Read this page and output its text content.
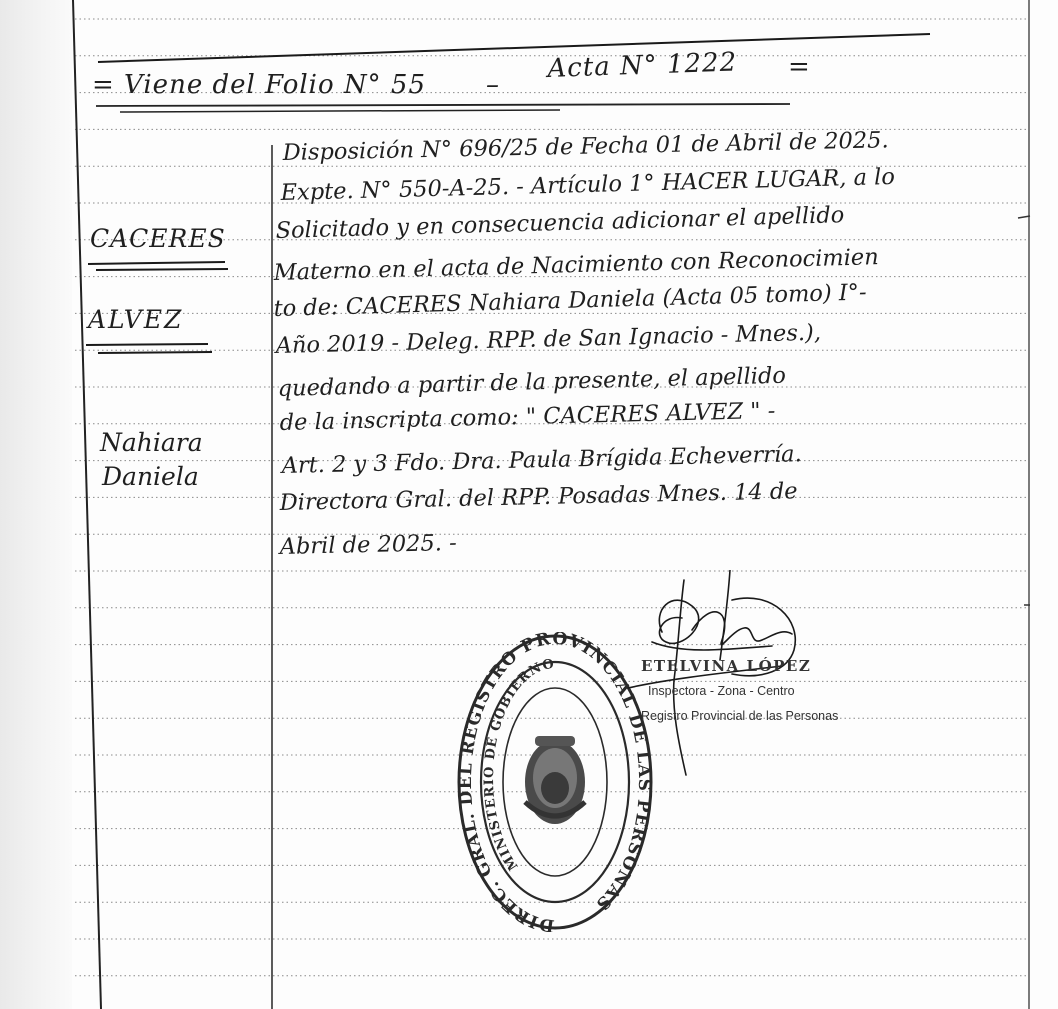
= Viene del Folio N° 55 –

Acta N° 1222 =

CACERES

ALVEZ

Nahiara

Daniela

Disposición N° 696/25 de Fecha 01 de Abril de 2025.

Expte. N° 550-A-25. - Artículo 1° HACER LUGAR, a lo

Solicitado y en consecuencia adicionar el apellido

Materno en el acta de Nacimiento con Reconocimien

to de: CACERES Nahiara Daniela (Acta 05 tomo) I°-

Año 2019 - Deleg. RPP. de San Ignacio - Mnes.),

quedando a partir de la presente, el apellido

de la inscripta como: " CACERES ALVEZ " -

Art. 2 y 3 Fdo. Dra. Paula Brígida Echeverría.

Directora Gral. del RPP. Posadas Mnes. 14 de

Abril de 2025. -

DIREC. GRAL. DEL REGISTRO PROVINCIAL DE LAS PERSONAS
MINISTERIO DE GOBIERNO	ETELVINA LÓPEZ

Inspectora - Zona - Centro

Registro Provincial de las Personas
